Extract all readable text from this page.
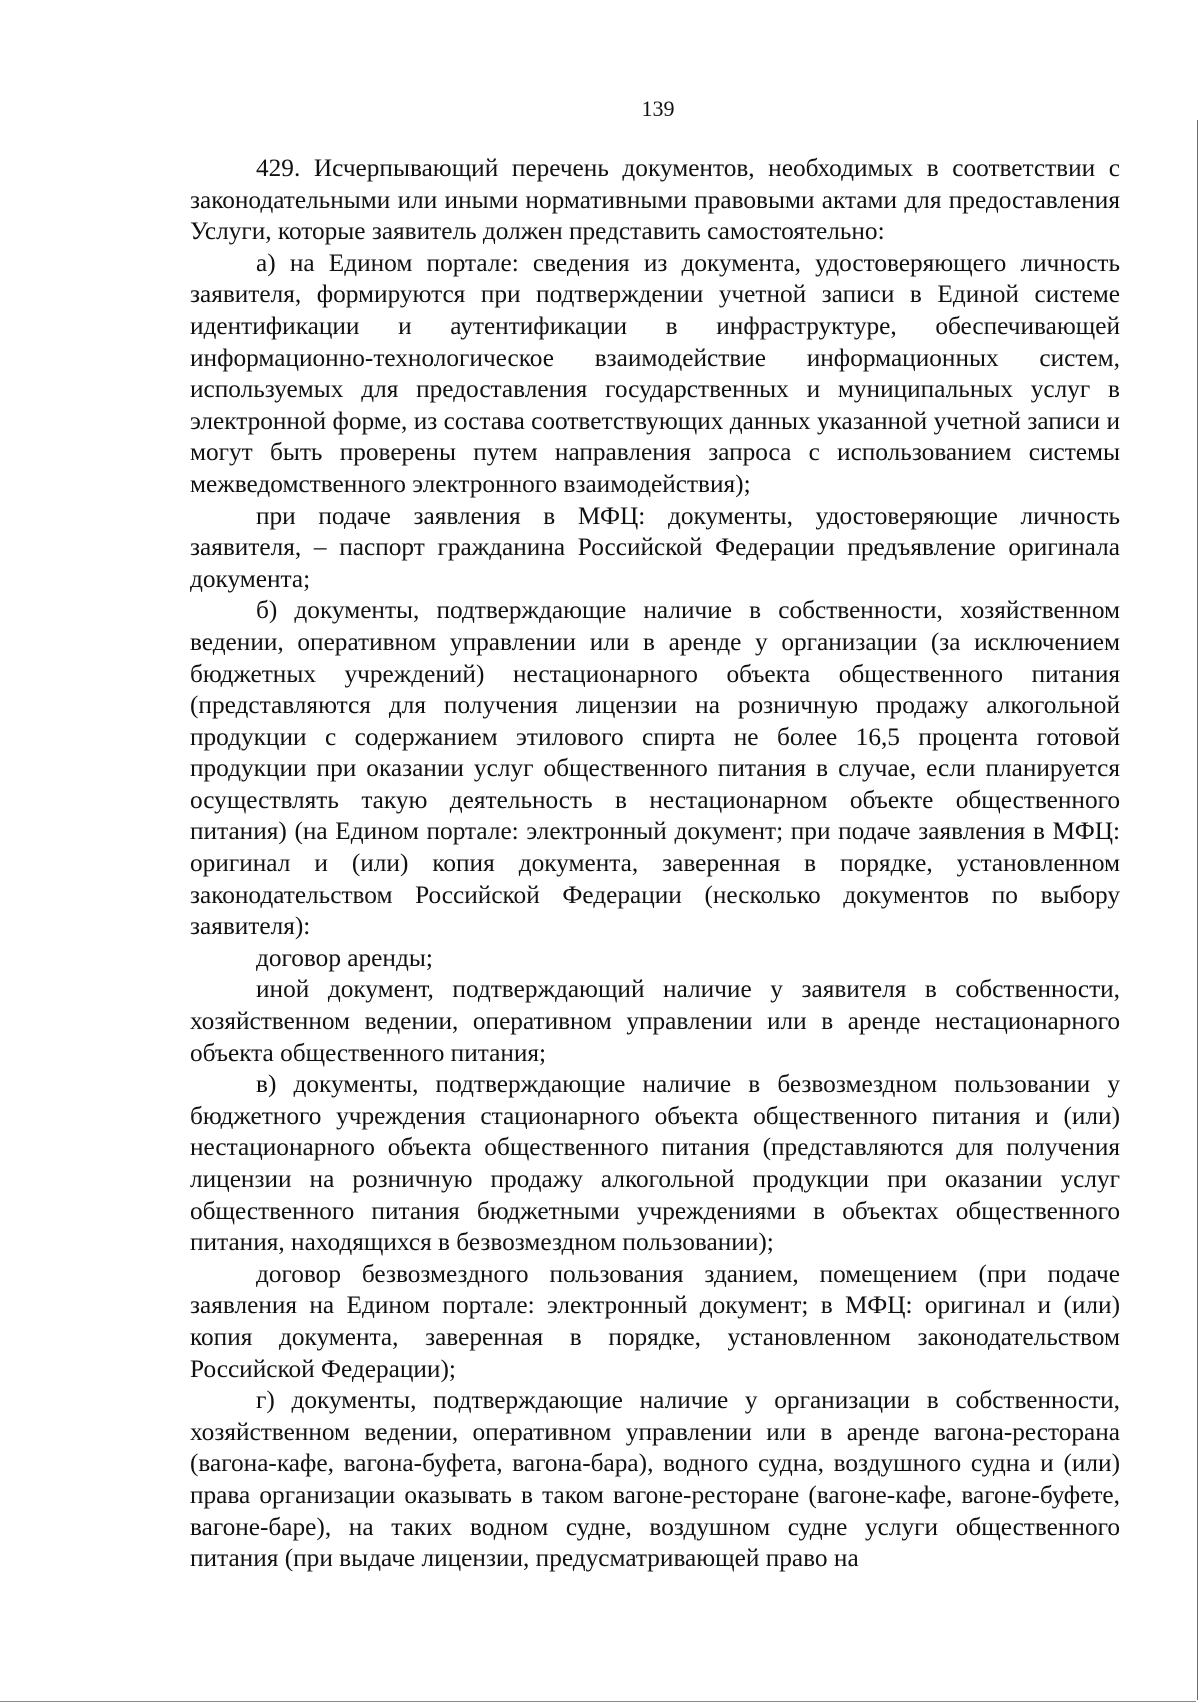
139

429. Исчерпывающий перечень документов, необходимых в соответствии с законодательными или иными нормативными правовыми актами для предоставления Услуги, которые заявитель должен представить самостоятельно:

а) на Едином портале: сведения из документа, удостоверяющего личность заявителя, формируются при подтверждении учетной записи в Единой системе идентификации и аутентификации в инфраструктуре, обеспечивающей информационно-технологическое взаимодействие информационных систем, используемых для предоставления государственных и муниципальных услуг в электронной форме, из состава соответствующих данных указанной учетной записи и могут быть проверены путем направления запроса с использованием системы межведомственного электронного взаимодействия);

при подаче заявления в МФЦ: документы, удостоверяющие личность заявителя, – паспорт гражданина Российской Федерации предъявление оригинала документа;

б) документы, подтверждающие наличие в собственности, хозяйственном ведении, оперативном управлении или в аренде у организации (за исключением бюджетных учреждений) нестационарного объекта общественного питания (представляются для получения лицензии на розничную продажу алкогольной продукции с содержанием этилового спирта не более 16,5 процента готовой продукции при оказании услуг общественного питания в случае, если планируется осуществлять такую деятельность в нестационарном объекте общественного питания) (на Едином портале: электронный документ; при подаче заявления в МФЦ: оригинал и (или) копия документа, заверенная в порядке, установленном законодательством Российской Федерации (несколько документов по выбору заявителя):

договор аренды;

иной документ, подтверждающий наличие у заявителя в собственности, хозяйственном ведении, оперативном управлении или в аренде нестационарного объекта общественного питания;

в) документы, подтверждающие наличие в безвозмездном пользовании у бюджетного учреждения стационарного объекта общественного питания и (или) нестационарного объекта общественного питания (представляются для получения лицензии на розничную продажу алкогольной продукции при оказании услуг общественного питания бюджетными учреждениями в объектах общественного питания, находящихся в безвозмездном пользовании);

договор безвозмездного пользования зданием, помещением (при подаче заявления на Едином портале: электронный документ; в МФЦ: оригинал и (или) копия документа, заверенная в порядке, установленном законодательством Российской Федерации);

г) документы, подтверждающие наличие у организации в собственности, хозяйственном ведении, оперативном управлении или в аренде вагона-ресторана (вагона-кафе, вагона-буфета, вагона-бара), водного судна, воздушного судна и (или) права организации оказывать в таком вагоне-ресторане (вагоне-кафе, вагоне-буфете, вагоне-баре), на таких водном судне, воздушном судне услуги общественного питания (при выдаче лицензии, предусматривающей право на
